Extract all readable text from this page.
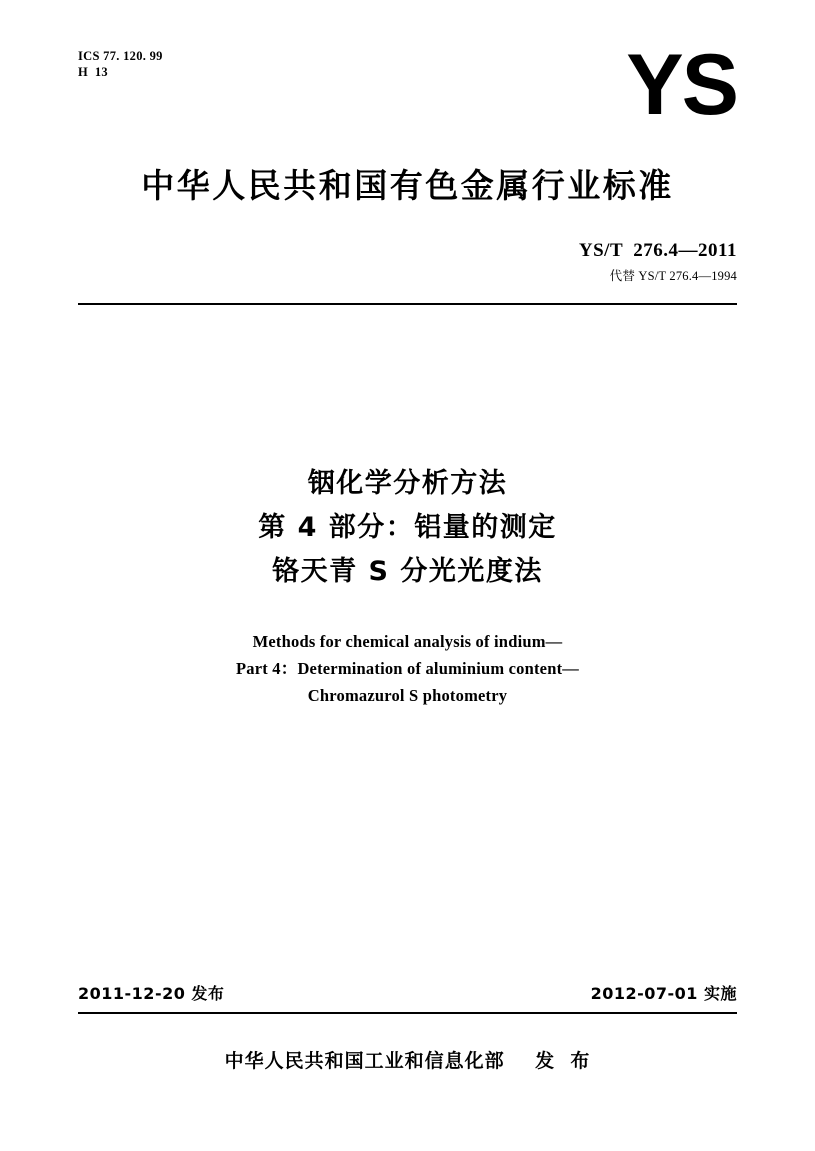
ICS 77. 120. 99
H  13	YS
中华人民共和国有色金属行业标准
YS/T  276.4—2011
代替 YS/T 276.4—1994
铟化学分析方法
第 4 部分：铝量的测定
铬天青 S 分光光度法
Methods for chemical analysis of indium—
Part 4：Determination of aluminium content—
Chromazurol S photometry
2011-12-20 发布	2012-07-01 实施
中华人民共和国工业和信息化部    发  布
